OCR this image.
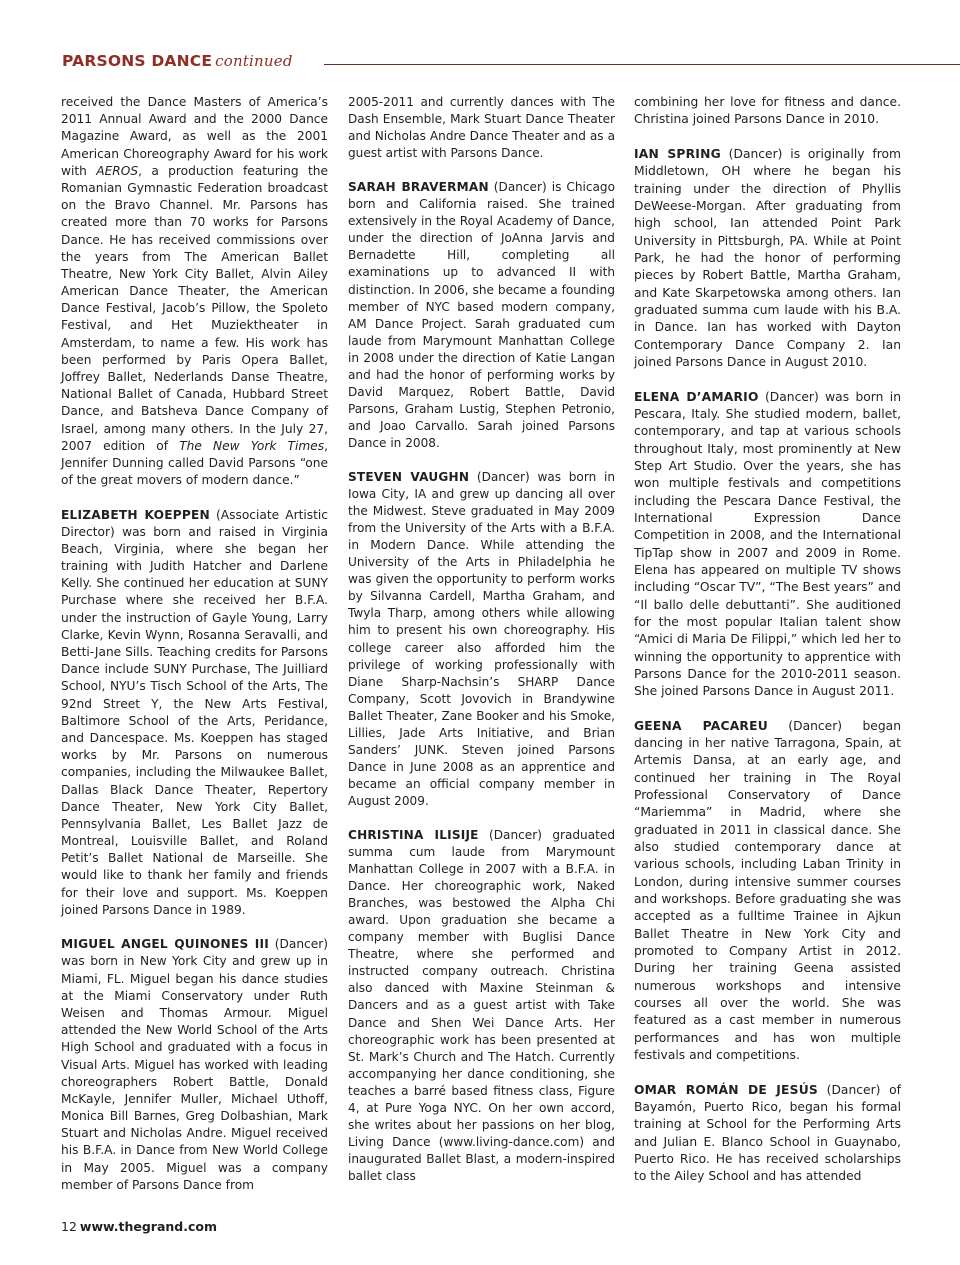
PARSONS DANCE continued

received the Dance Masters of America’s 2011 Annual Award and the 2000 Dance Magazine Award, as well as the 2001 American Choreography Award for his work with AEROS, a production featuring the Romanian Gymnastic Federation broadcast on the Bravo Channel. Mr. Parsons has created more than 70 works for Parsons Dance. He has received commissions over the years from The American Ballet Theatre, New York City Ballet, Alvin Ailey American Dance Theater, the American Dance Festival, Jacob’s Pillow, the Spoleto Festival, and Het Muziektheater in Amsterdam, to name a few. His work has been performed by Paris Opera Ballet, Joffrey Ballet, Nederlands Danse Theatre, National Ballet of Canada, Hubbard Street Dance, and Batsheva Dance Company of Israel, among many others. In the July 27, 2007 edition of The New York Times, Jennifer Dunning called David Parsons “one of the great movers of modern dance.”

ELIZABETH KOEPPEN (Associate Artistic Director) was born and raised in Virginia Beach, Virginia, where she began her training with Judith Hatcher and Darlene Kelly. She continued her education at SUNY Purchase where she received her B.F.A. under the instruction of Gayle Young, Larry Clarke, Kevin Wynn, Rosanna Seravalli, and Betti-Jane Sills. Teaching credits for Parsons Dance include SUNY Purchase, The Juilliard School, NYU’s Tisch School of the Arts, The 92nd Street Y, the New Arts Festival, Baltimore School of the Arts, Peridance, and Dancespace. Ms. Koeppen has staged works by Mr. Parsons on numerous companies, including the Milwaukee Ballet, Dallas Black Dance Theater, Repertory Dance Theater, New York City Ballet, Pennsylvania Ballet, Les Ballet Jazz de Montreal, Louisville Ballet, and Roland Petit’s Ballet National de Marseille. She would like to thank her family and friends for their love and support. Ms. Koeppen joined Parsons Dance in 1989.

MIGUEL ANGEL QUINONES III (Dancer) was born in New York City and grew up in Miami, FL. Miguel began his dance studies at the Miami Conservatory under Ruth Weisen and Thomas Armour. Miguel attended the New World School of the Arts High School and graduated with a focus in Visual Arts. Miguel has worked with leading choreographers Robert Battle, Donald McKayle, Jennifer Muller, Michael Uthoff, Monica Bill Barnes, Greg Dolbashian, Mark Stuart and Nicholas Andre. Miguel received his B.F.A. in Dance from New World College in May 2005. Miguel was a company member of Parsons Dance from

2005-2011 and currently dances with The Dash Ensemble, Mark Stuart Dance Theater and Nicholas Andre Dance Theater and as a guest artist with Parsons Dance.

SARAH BRAVERMAN (Dancer) is Chicago born and California raised. She trained extensively in the Royal Academy of Dance, under the direction of JoAnna Jarvis and Bernadette Hill, completing all examinations up to advanced II with distinction. In 2006, she became a founding member of NYC based modern company, AM Dance Project. Sarah graduated cum laude from Marymount Manhattan College in 2008 under the direction of Katie Langan and had the honor of performing works by David Marquez, Robert Battle, David Parsons, Graham Lustig, Stephen Petronio, and Joao Carvallo. Sarah joined Parsons Dance in 2008.

STEVEN VAUGHN (Dancer) was born in Iowa City, IA and grew up dancing all over the Midwest. Steve graduated in May 2009 from the University of the Arts with a B.F.A. in Modern Dance. While attending the University of the Arts in Philadelphia he was given the opportunity to perform works by Silvanna Cardell, Martha Graham, and Twyla Tharp, among others while allowing him to present his own choreography. His college career also afforded him the privilege of working professionally with Diane Sharp-Nachsin’s SHARP Dance Company, Scott Jovovich in Brandywine Ballet Theater, Zane Booker and his Smoke, Lillies, Jade Arts Initiative, and Brian Sanders’ JUNK. Steven joined Parsons Dance in June 2008 as an apprentice and became an official company member in August 2009.

CHRISTINA ILISIJE (Dancer) graduated summa cum laude from Marymount Manhattan College in 2007 with a B.F.A. in Dance. Her choreographic work, Naked Branches, was bestowed the Alpha Chi award. Upon graduation she became a company member with Buglisi Dance Theatre, where she performed and instructed company outreach. Christina also danced with Maxine Steinman & Dancers and as a guest artist with Take Dance and Shen Wei Dance Arts. Her choreographic work has been presented at St. Mark’s Church and The Hatch. Currently accompanying her dance conditioning, she teaches a barré based fitness class, Figure 4, at Pure Yoga NYC. On her own accord, she writes about her passions on her blog, Living Dance (www.living-dance.com) and inaugurated Ballet Blast, a modern-inspired ballet class

combining her love for fitness and dance. Christina joined Parsons Dance in 2010.

IAN SPRING (Dancer) is originally from Middletown, OH where he began his training under the direction of Phyllis DeWeese-Morgan. After graduating from high school, Ian attended Point Park University in Pittsburgh, PA. While at Point Park, he had the honor of performing pieces by Robert Battle, Martha Graham, and Kate Skarpetowska among others. Ian graduated summa cum laude with his B.A. in Dance. Ian has worked with Dayton Contemporary Dance Company 2. Ian joined Parsons Dance in August 2010.

ELENA D’AMARIO (Dancer) was born in Pescara, Italy. She studied modern, ballet, contemporary, and tap at various schools throughout Italy, most prominently at New Step Art Studio. Over the years, she has won multiple festivals and competitions including the Pescara Dance Festival, the International Expression Dance Competition in 2008, and the International TipTap show in 2007 and 2009 in Rome. Elena has appeared on multiple TV shows including “Oscar TV”, “The Best years” and “Il ballo delle debuttanti”. She auditioned for the most popular Italian talent show “Amici di Maria De Filippi,” which led her to winning the opportunity to apprentice with Parsons Dance for the 2010-2011 season. She joined Parsons Dance in August 2011.

GEENA PACAREU (Dancer) began dancing in her native Tarragona, Spain, at Artemis Dansa, at an early age, and continued her training in The Royal Professional Conservatory of Dance “Mariemma” in Madrid, where she graduated in 2011 in classical dance. She also studied contemporary dance at various schools, including Laban Trinity in London, during intensive summer courses and workshops. Before graduating she was accepted as a fulltime Trainee in Ajkun Ballet Theatre in New York City and promoted to Company Artist in 2012. During her training Geena assisted numerous workshops and intensive courses all over the world. She was featured as a cast member in numerous performances and has won multiple festivals and competitions.

OMAR ROMÁN DE JESÚS (Dancer) of Bayamón, Puerto Rico, began his formal training at School for the Performing Arts and Julian E. Blanco School in Guaynabo, Puerto Rico. He has received scholarships to the Ailey School and has attended

12 www.thegrand.com
